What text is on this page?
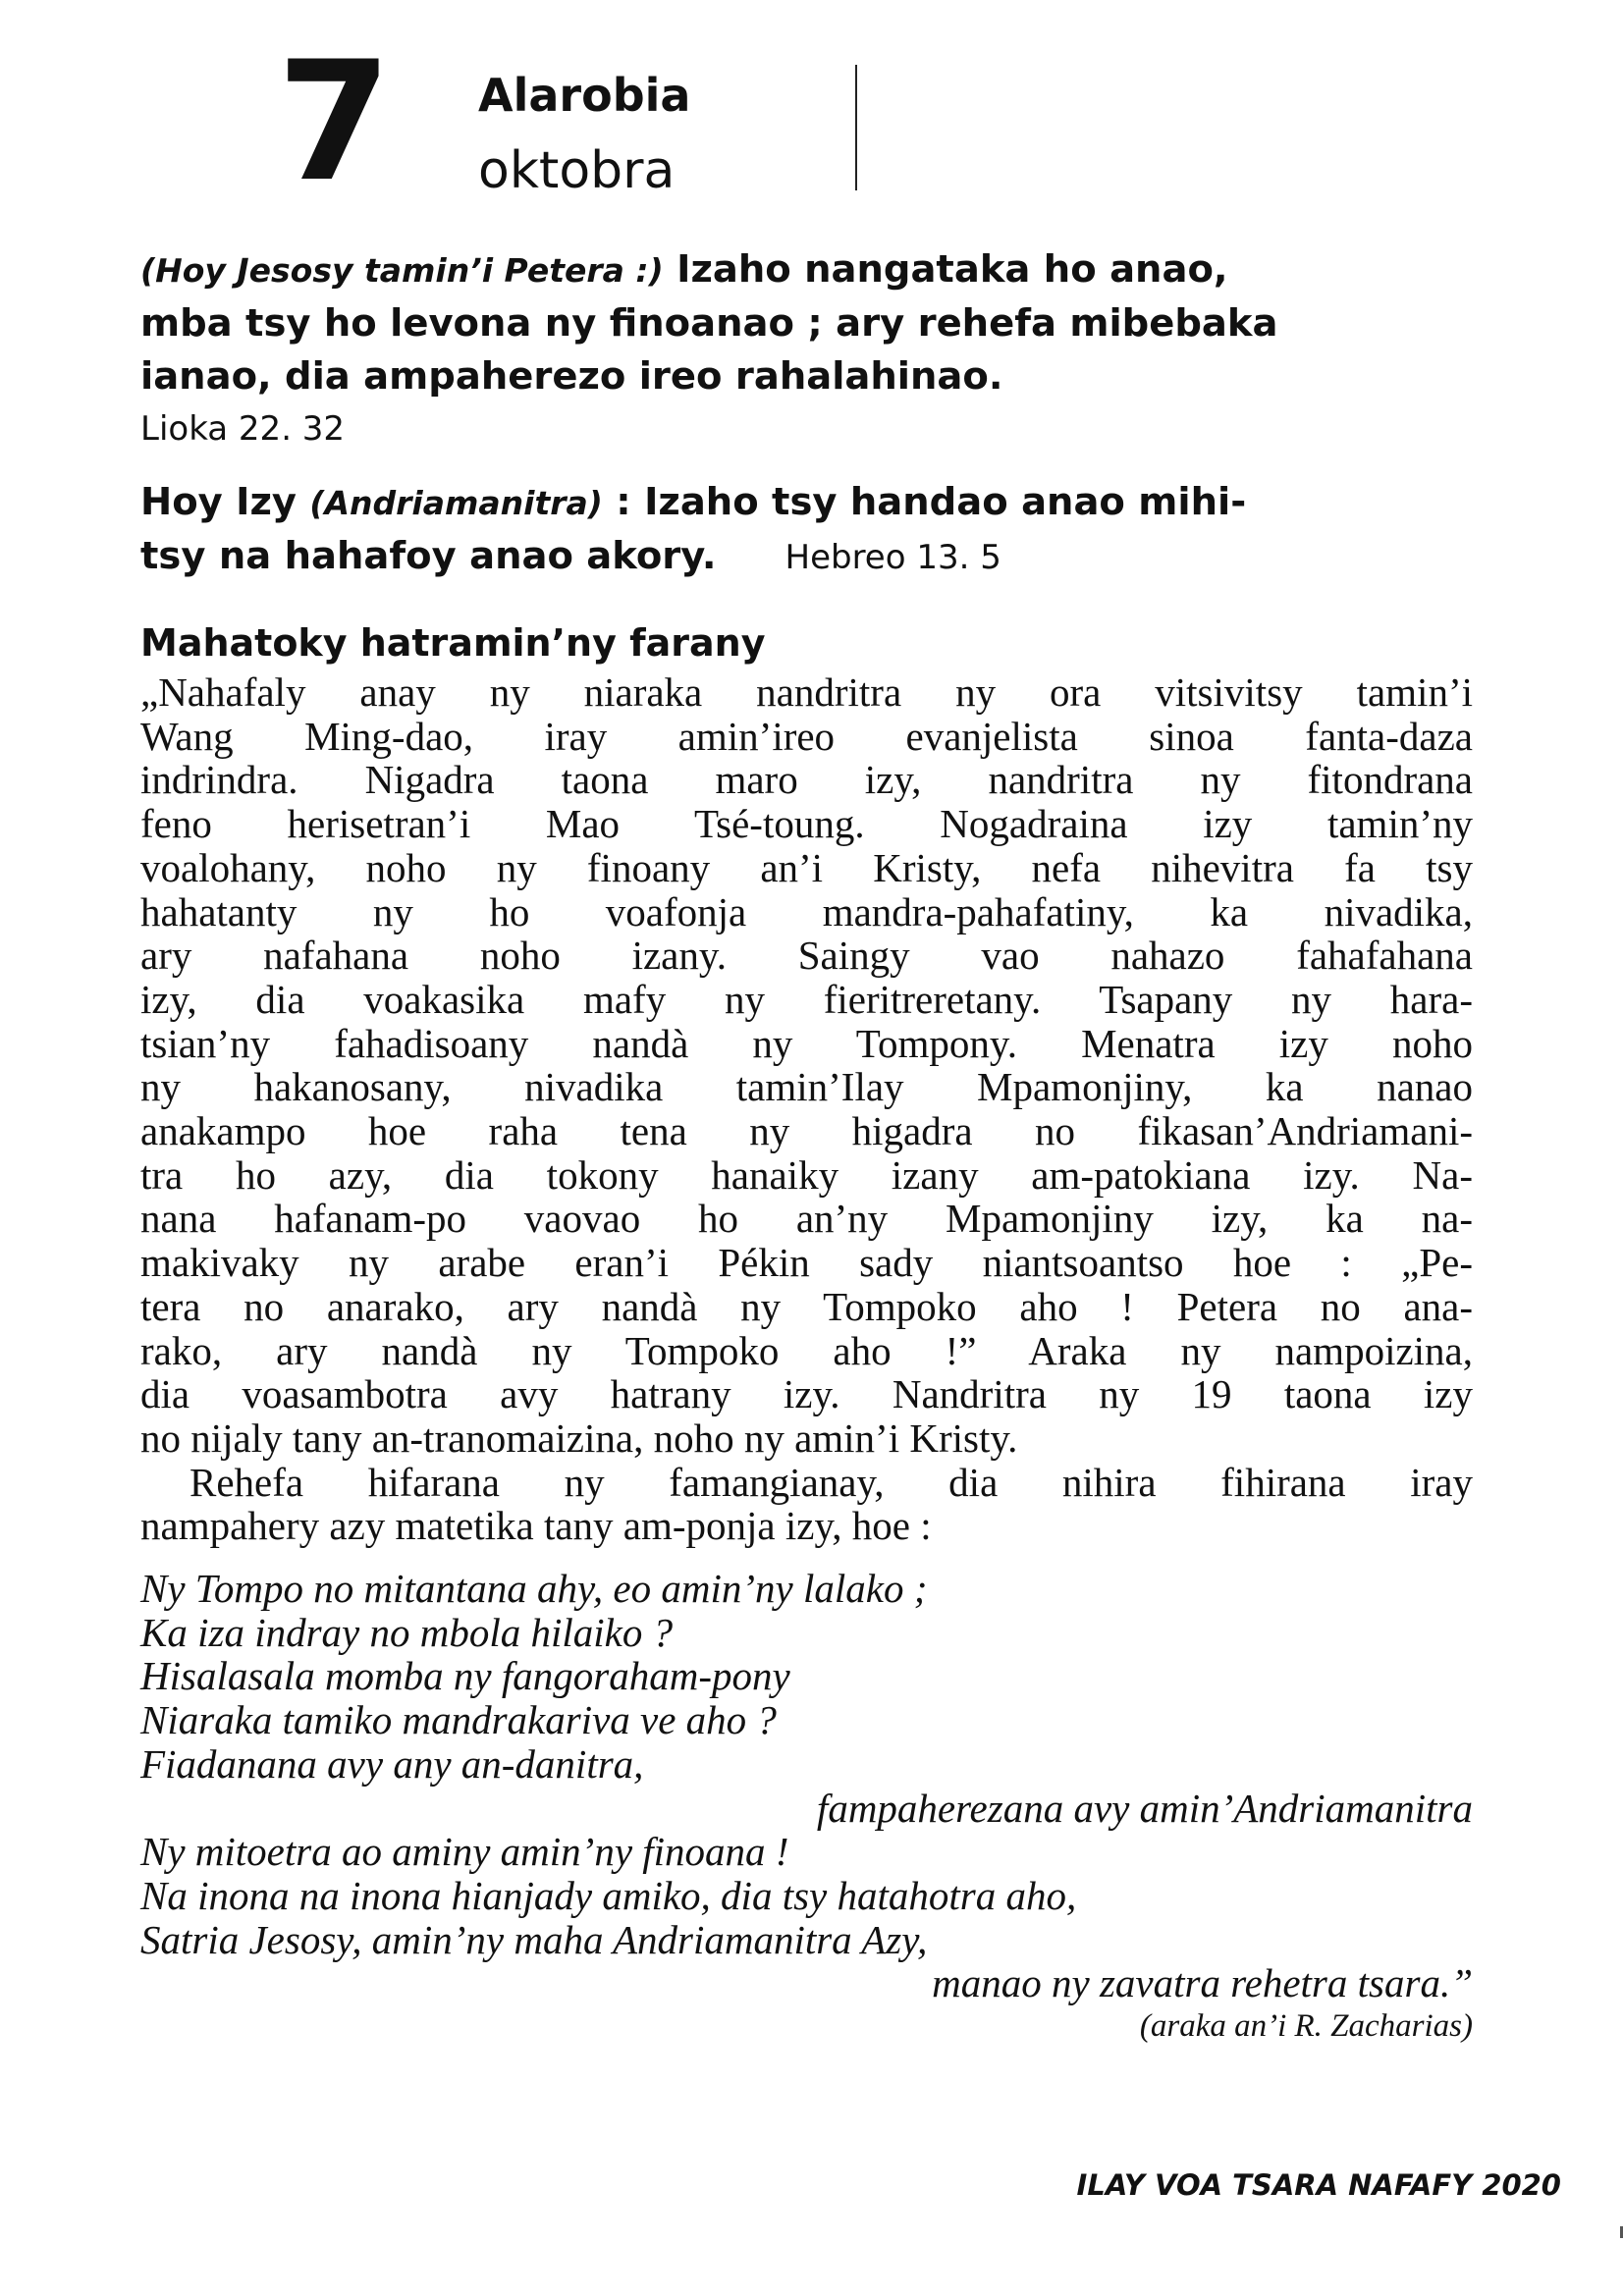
7 Alarobia
oktobra
(Hoy Jesosy tamin’i Petera :) Izaho nangataka ho anao,
mba tsy ho levona ny finoanao ; ary rehefa mibebaka
ianao, dia ampaherezo ireo rahalahinao.
Lioka 22. 32
Hoy Izy (Andriamanitra) : Izaho tsy handao anao mihi-
tsy na hahafoy anao akory. Hebreo 13. 5
Mahatoky hatramin’ny farany
„Nahafaly anay ny niaraka nandritra ny ora vitsivitsy tamin’i
Wang Ming-dao, iray amin’ireo evanjelista sinoa fanta-daza
indrindra. Nigadra taona maro izy, nandritra ny fitondrana
feno herisetran’i Mao Tsé-toung. Nogadraina izy tamin’ny
voalohany, noho ny finoany an’i Kristy, nefa nihevitra fa tsy
hahatanty ny ho voafonja mandra-pahafatiny, ka nivadika,
ary nafahana noho izany. Saingy vao nahazo fahafahana
izy, dia voakasika mafy ny fieritreretany. Tsapany ny hara-
tsian’ny fahadisoany nandà ny Tompony. Menatra izy noho
ny hakanosany, nivadika tamin’Ilay Mpamonjiny, ka nanao
anakampo hoe raha tena ny higadra no fikasan’Andriamani-
tra ho azy, dia tokony hanaiky izany am-patokiana izy. Na-
nana hafanam-po vaovao ho an’ny Mpamonjiny izy, ka na-
makivaky ny arabe eran’i Pékin sady niantsoantso hoe : „Pe-
tera no anarako, ary nandà ny Tompoko aho ! Petera no ana-
rako, ary nandà ny Tompoko aho !” Araka ny nampoizina,
dia voasambotra avy hatrany izy. Nandritra ny 19 taona izy
no nijaly tany an-tranomaizina, noho ny amin’i Kristy.
Rehefa hifarana ny famangianay, dia nihira fihirana iray
nampahery azy matetika tany am-ponja izy, hoe :
Ny Tompo no mitantana ahy, eo amin’ny lalako ;
Ka iza indray no mbola hilaiko ?
Hisalasala momba ny fangoraham-pony
Niaraka tamiko mandrakariva ve aho ?
Fiadanana avy any an-danitra,
fampaherezana avy amin’Andriamanitra
Ny mitoetra ao aminy amin’ny finoana !
Na inona na inona hianjady amiko, dia tsy hatahotra aho,
Satria Jesosy, amin’ny maha Andriamanitra Azy,
manao ny zavatra rehetra tsara.”
(araka an’i R. Zacharias)
ILAY VOA TSARA NAFAFY 2020
